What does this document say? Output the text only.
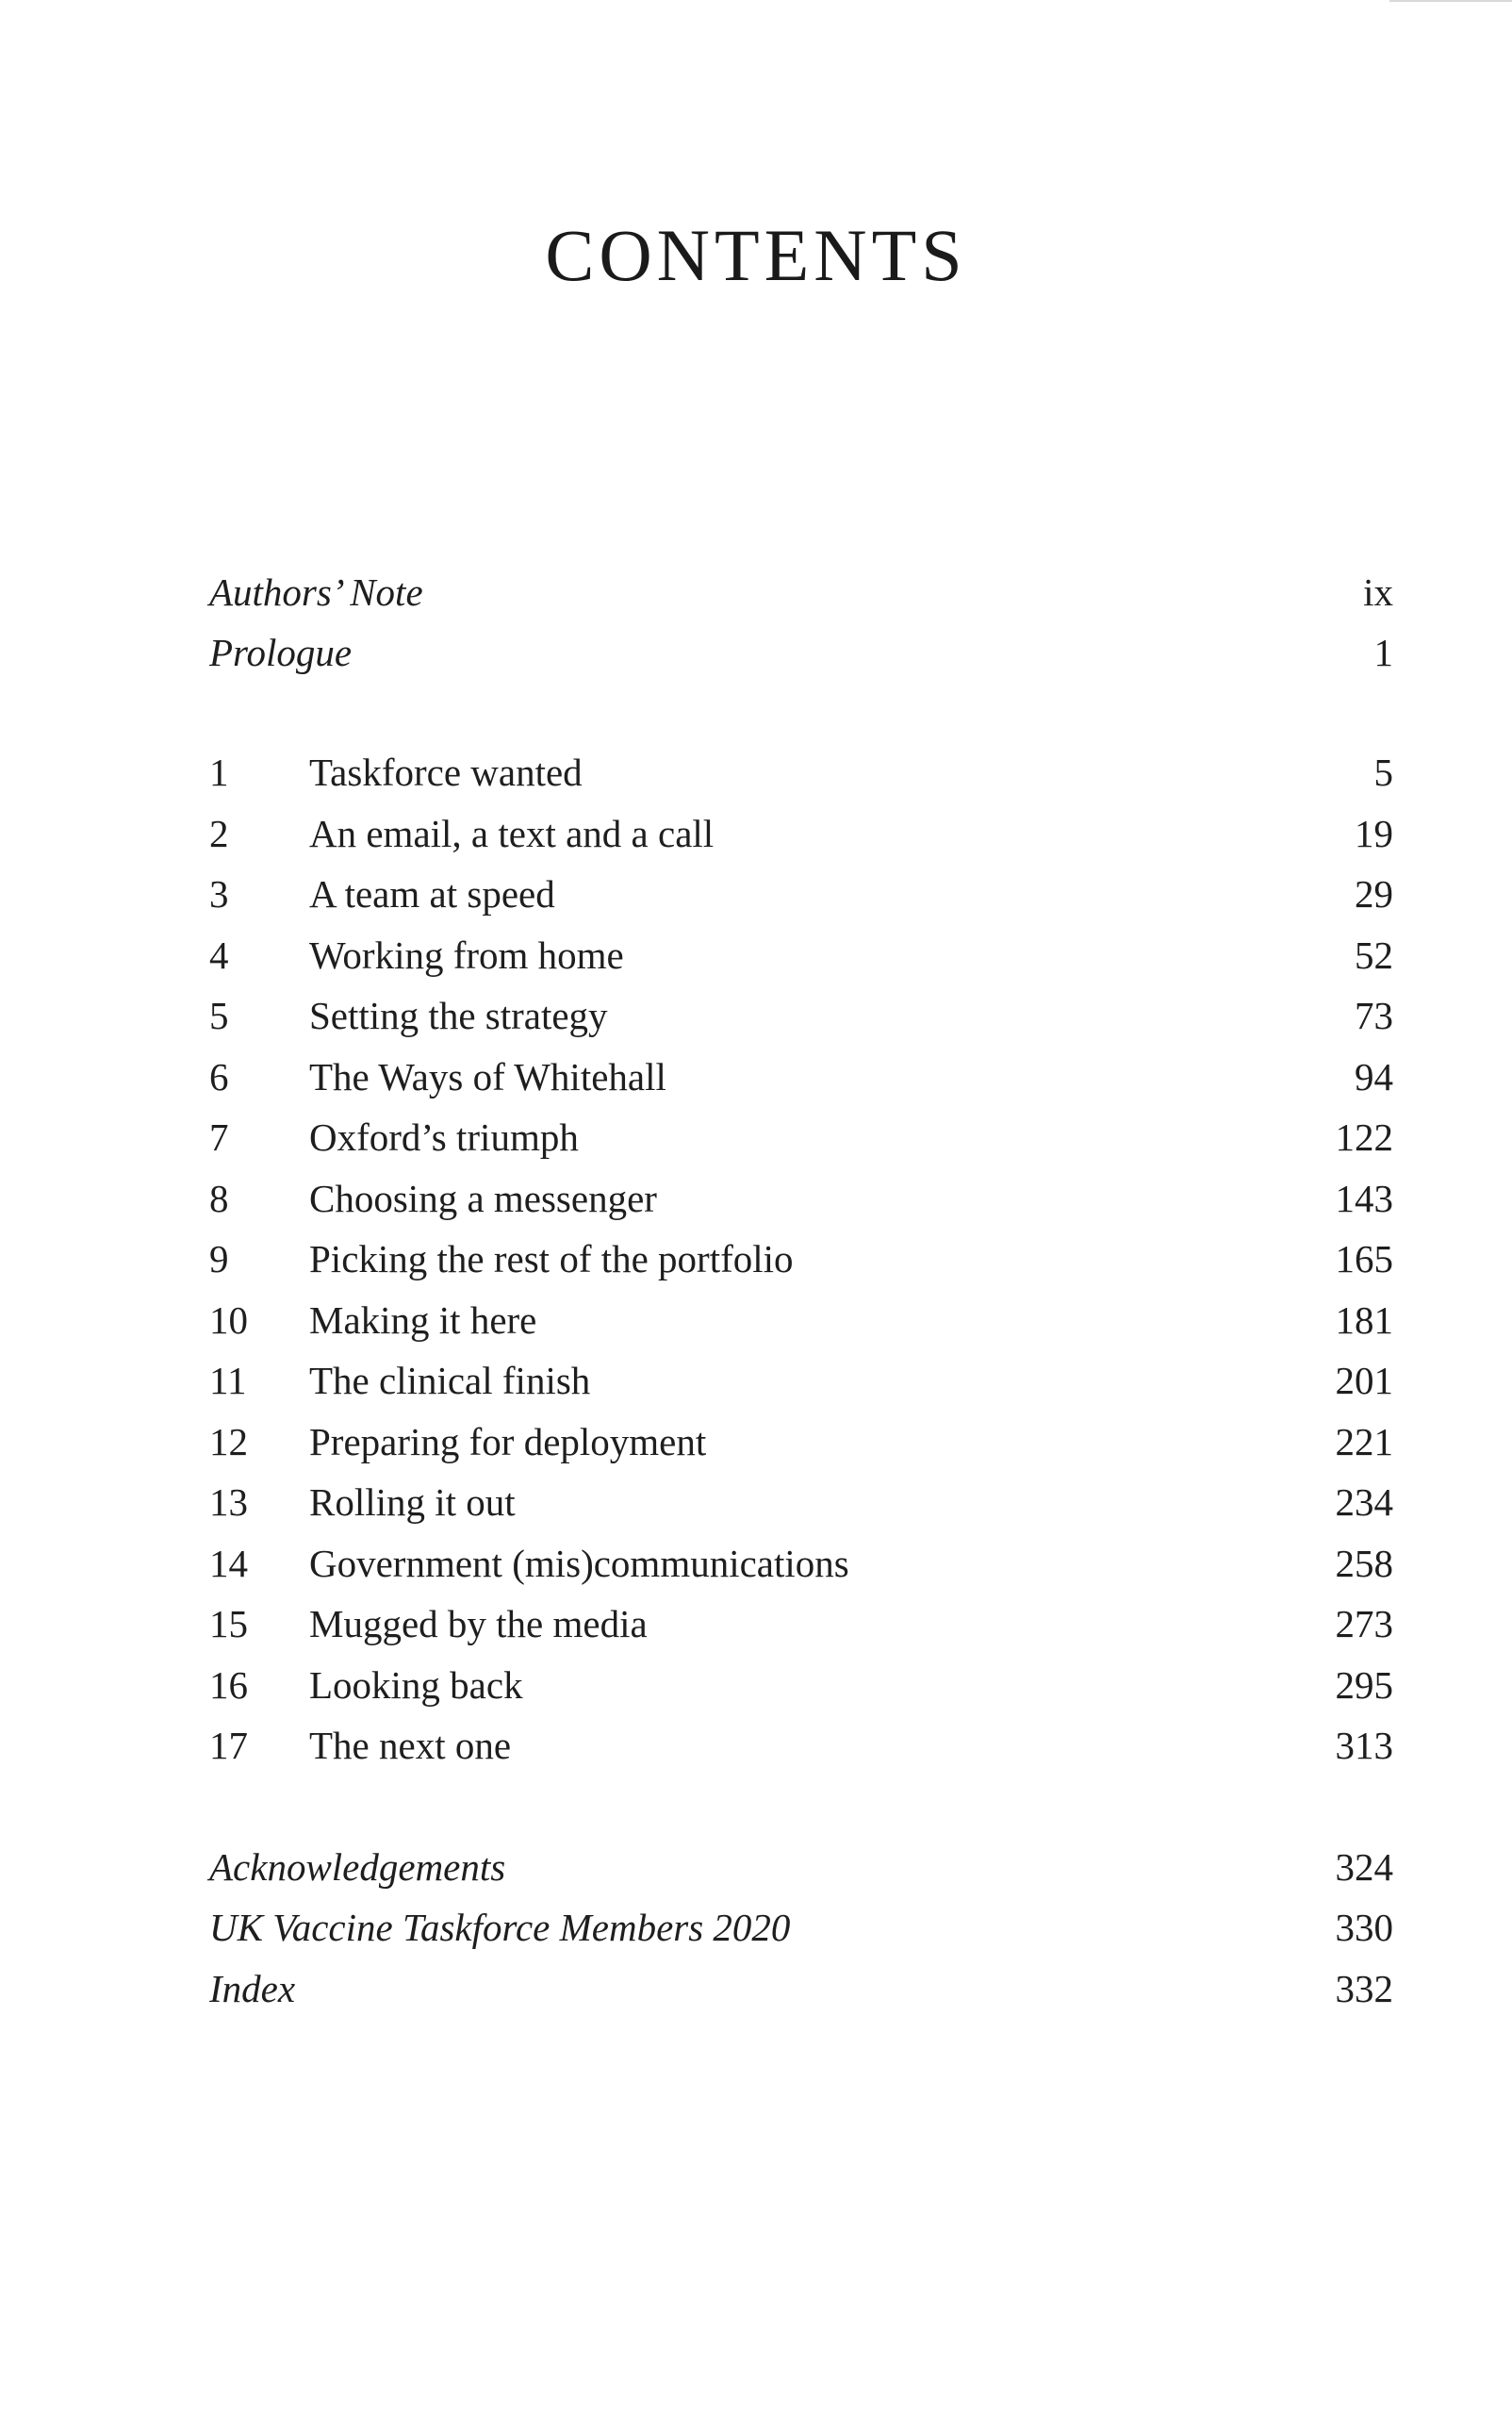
CONTENTS
Authors’ Note	ix
Prologue	1
1	Taskforce wanted	5
2	An email, a text and a call	19
3	A team at speed	29
4	Working from home	52
5	Setting the strategy	73
6	The Ways of Whitehall	94
7	Oxford’s triumph	122
8	Choosing a messenger	143
9	Picking the rest of the portfolio	165
10	Making it here	181
11	The clinical finish	201
12	Preparing for deployment	221
13	Rolling it out	234
14	Government (mis)communications	258
15	Mugged by the media	273
16	Looking back	295
17	The next one	313
Acknowledgements	324
UK Vaccine Taskforce Members 2020	330
Index	332
